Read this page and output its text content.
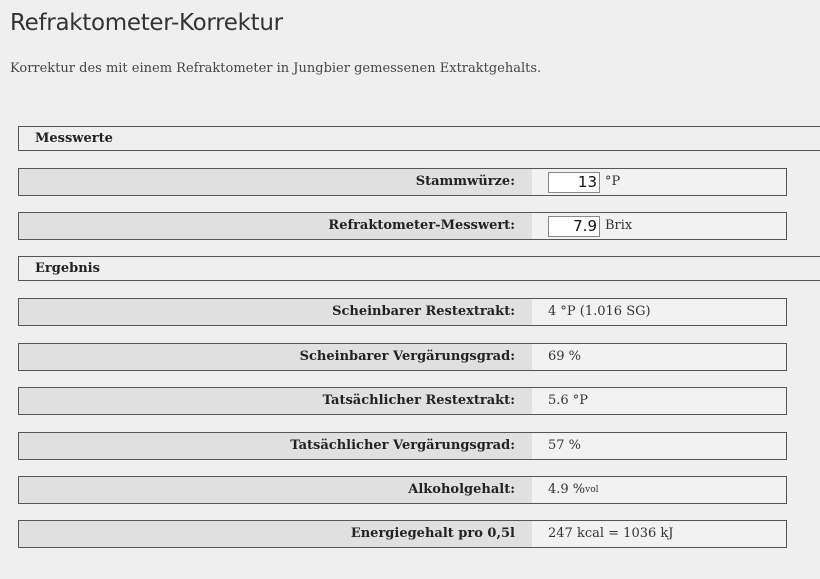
Refraktometer-Korrektur
Korrektur des mit einem Refraktometer in Jungbier gemessenen Extraktgehalts.
Messwerte
Stammwürze:
13	°P
Refraktometer-Messwert:
7.9	Brix
Ergebnis
Scheinbarer Restextrakt:	4 °P (1.016 SG)
Scheinbarer Vergärungsgrad:	69 %
Tatsächlicher Restextrakt:	5.6 °P
Tatsächlicher Vergärungsgrad:	57 %
Alkoholgehalt:	4.9 % vol
Energiegehalt pro 0,5l	247 kcal = 1036 kJ
